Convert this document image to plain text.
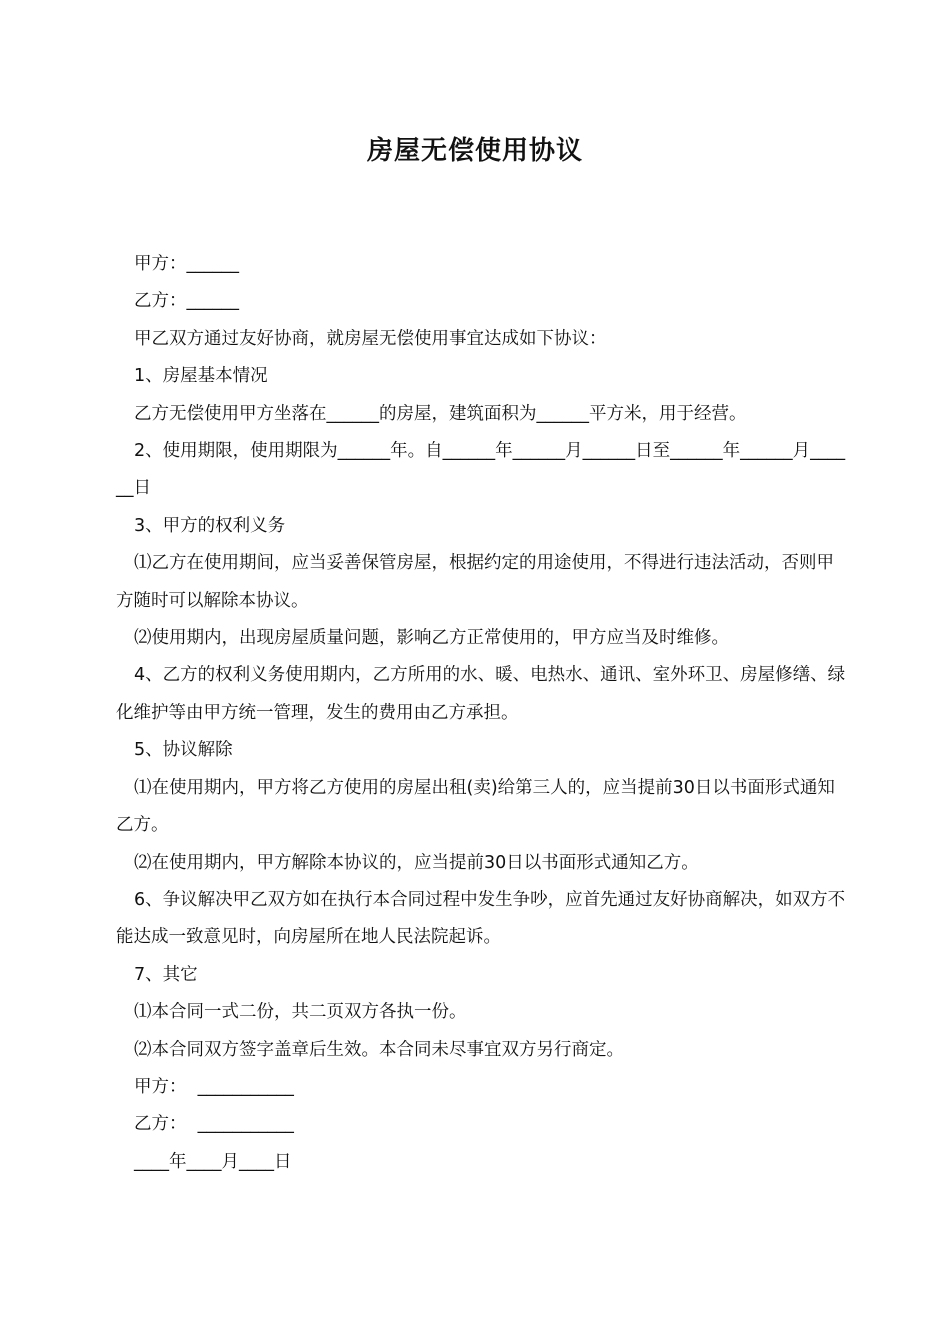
房屋无偿使用协议

甲方：______

乙方：______

甲乙双方通过友好协商，就房屋无偿使用事宜达成如下协议：

1、房屋基本情况

乙方无偿使用甲方坐落在______的房屋，建筑面积为______平方米，用于经营。

2、使用期限，使用期限为______年。自______年______月______日至______年______月______日

3、甲方的权利义务

⑴乙方在使用期间，应当妥善保管房屋，根据约定的用途使用，不得进行违法活动，否则甲方随时可以解除本协议。

⑵使用期内，出现房屋质量问题，影响乙方正常使用的，甲方应当及时维修。

4、乙方的权利义务使用期内，乙方所用的水、暖、电热水、通讯、室外环卫、房屋修缮、绿化维护等由甲方统一管理，发生的费用由乙方承担。

5、协议解除

⑴在使用期内，甲方将乙方使用的房屋出租(卖)给第三人的，应当提前30日以书面形式通知乙方。

⑵在使用期内，甲方解除本协议的，应当提前30日以书面形式通知乙方。

6、争议解决甲乙双方如在执行本合同过程中发生争吵，应首先通过友好协商解决，如双方不能达成一致意见时，向房屋所在地人民法院起诉。

7、其它

⑴本合同一式二份，共二页双方各执一份。

⑵本合同双方签字盖章后生效。本合同未尽事宜双方另行商定。

甲方：  ___________

乙方：  ___________

____年____月____日
